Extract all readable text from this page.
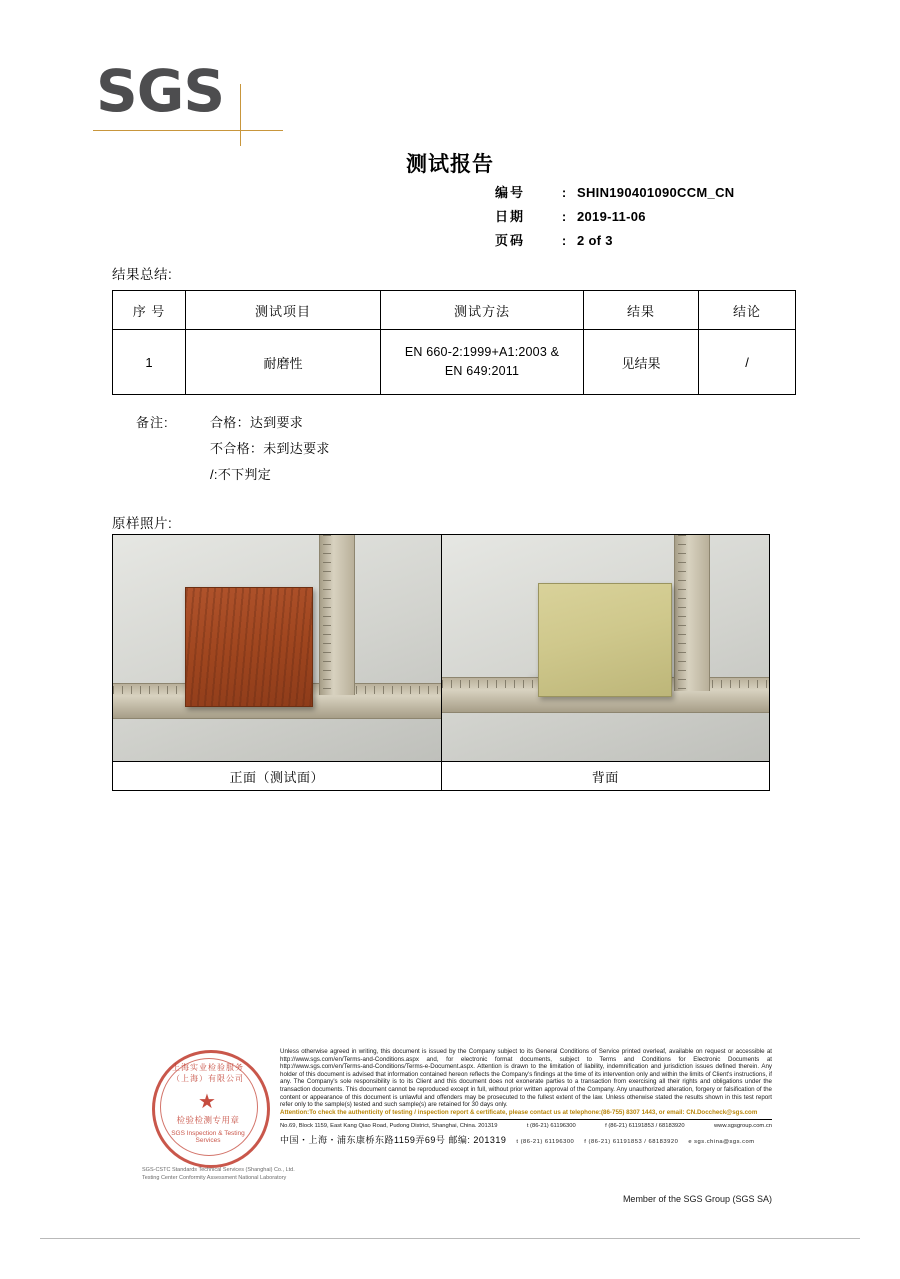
SGS
测试报告
编号	: SHIN190401090CCM_CN
日期	: 2019-11-06
页码	: 2 of 3
结果总结:
序 号	测试项目	测试方法	结果	结论
1	耐磨性	EN 660-2:1999+A1:2003 &
EN 649:2011	见结果	/
备注:	合格： 达到要求
不合格： 未到达要求
/: 不下判定
原样照片:

正面（测试面）	背面
上海实业检验服务（上海）有限公司
★
检验检测专用章
SGS Inspection & Testing Services
SGS-CSTC Standards Technical Services (Shanghai) Co., Ltd.
Testing Center Conformity Assessment National Laboratory

Unless otherwise agreed in writing, this document is issued by the Company subject to its General Conditions of Service printed overleaf, available on request or accessible at http://www.sgs.com/en/Terms-and-Conditions.aspx and, for electronic format documents, subject to Terms and Conditions for Electronic Documents at http://www.sgs.com/en/Terms-and-Conditions/Terms-e-Document.aspx. Attention is drawn to the limitation of liability, indemnification and jurisdiction issues defined therein. Any holder of this document is advised that information contained hereon reflects the Company's findings at the time of its intervention only and within the limits of Client's instructions, if any. The Company's sole responsibility is to its Client and this document does not exonerate parties to a transaction from exercising all their rights and obligations under the transaction documents. This document cannot be reproduced except in full, without prior written approval of the Company. Any unauthorized alteration, forgery or falsification of the content or appearance of this document is unlawful and offenders may be prosecuted to the fullest extent of the law. Unless otherwise stated the results shown in this test report refer only to the sample(s) tested and such sample(s) are retained for 30 days only.

Attention:To check the authenticity of testing / inspection report & certificate, please contact us at telephone:(86-755) 8307 1443, or email: CN.Doccheck@sgs.com

No.69, Block 1159, East Kang Qiao Road, Pudong District, Shanghai, China. 201319	t (86-21) 61196300	f (86-21) 61191853 / 68183920	www.sgsgroup.com.cn
中国・上海・浦东康桥东路1159弄69号 邮编: 201319 t (86-21) 61196300 f (86-21) 61191853 / 68183920 e sgs.china@sgs.com
Member of the SGS Group (SGS SA)
